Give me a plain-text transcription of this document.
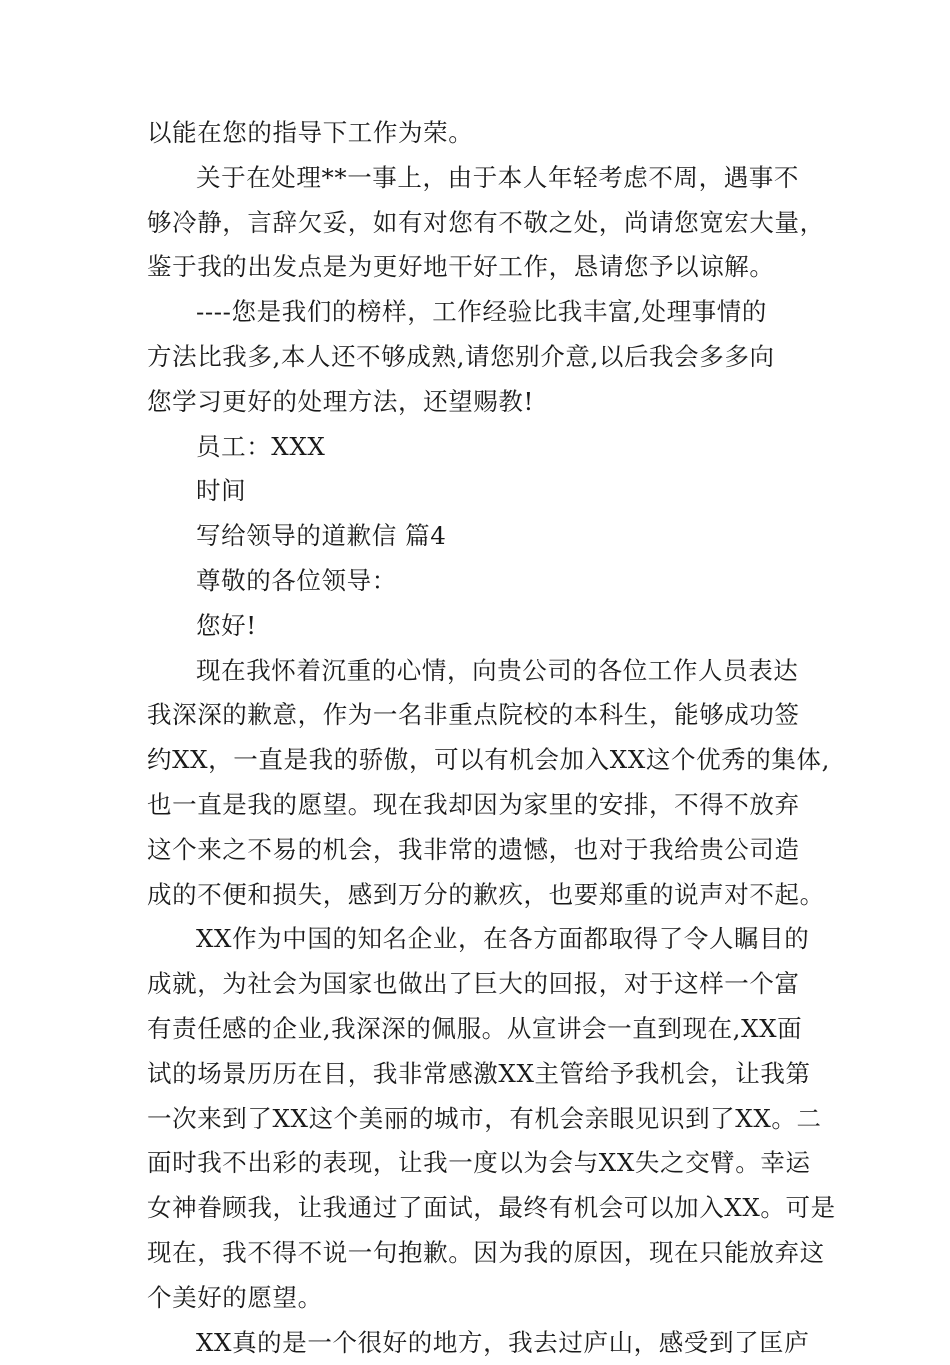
以能在您的指导下工作为荣。
关于在处理**一事上，由于本人年轻考虑不周，遇事不
够冷静，言辞欠妥，如有对您有不敬之处，尚请您宽宏大量，
鉴于我的出发点是为更好地干好工作，恳请您予以谅解。
----您是我们的榜样，工作经验比我丰富,处理事情的
方法比我多,本人还不够成熟,请您别介意,以后我会多多向
您学习更好的处理方法，还望赐教!
员工：XXX
时间
写给领导的道歉信 篇4
尊敬的各位领导：
您好!
现在我怀着沉重的心情，向贵公司的各位工作人员表达
我深深的歉意，作为一名非重点院校的本科生，能够成功签
约XX，一直是我的骄傲，可以有机会加入XX这个优秀的集体,
也一直是我的愿望。现在我却因为家里的安排，不得不放弃
这个来之不易的机会，我非常的遗憾，也对于我给贵公司造
成的不便和损失，感到万分的歉疚，也要郑重的说声对不起。
XX作为中国的知名企业，在各方面都取得了令人瞩目的
成就，为社会为国家也做出了巨大的回报，对于这样一个富
有责任感的企业,我深深的佩服。从宣讲会一直到现在,XX面
试的场景历历在目，我非常感激XX主管给予我机会，让我第
一次来到了XX这个美丽的城市，有机会亲眼见识到了XX。二
面时我不出彩的表现，让我一度以为会与XX失之交臂。幸运
女神眷顾我，让我通过了面试，最终有机会可以加入XX。可是
现在，我不得不说一句抱歉。因为我的原因，现在只能放弃这
个美好的愿望。
XX真的是一个很好的地方，我去过庐山，感受到了匡庐
